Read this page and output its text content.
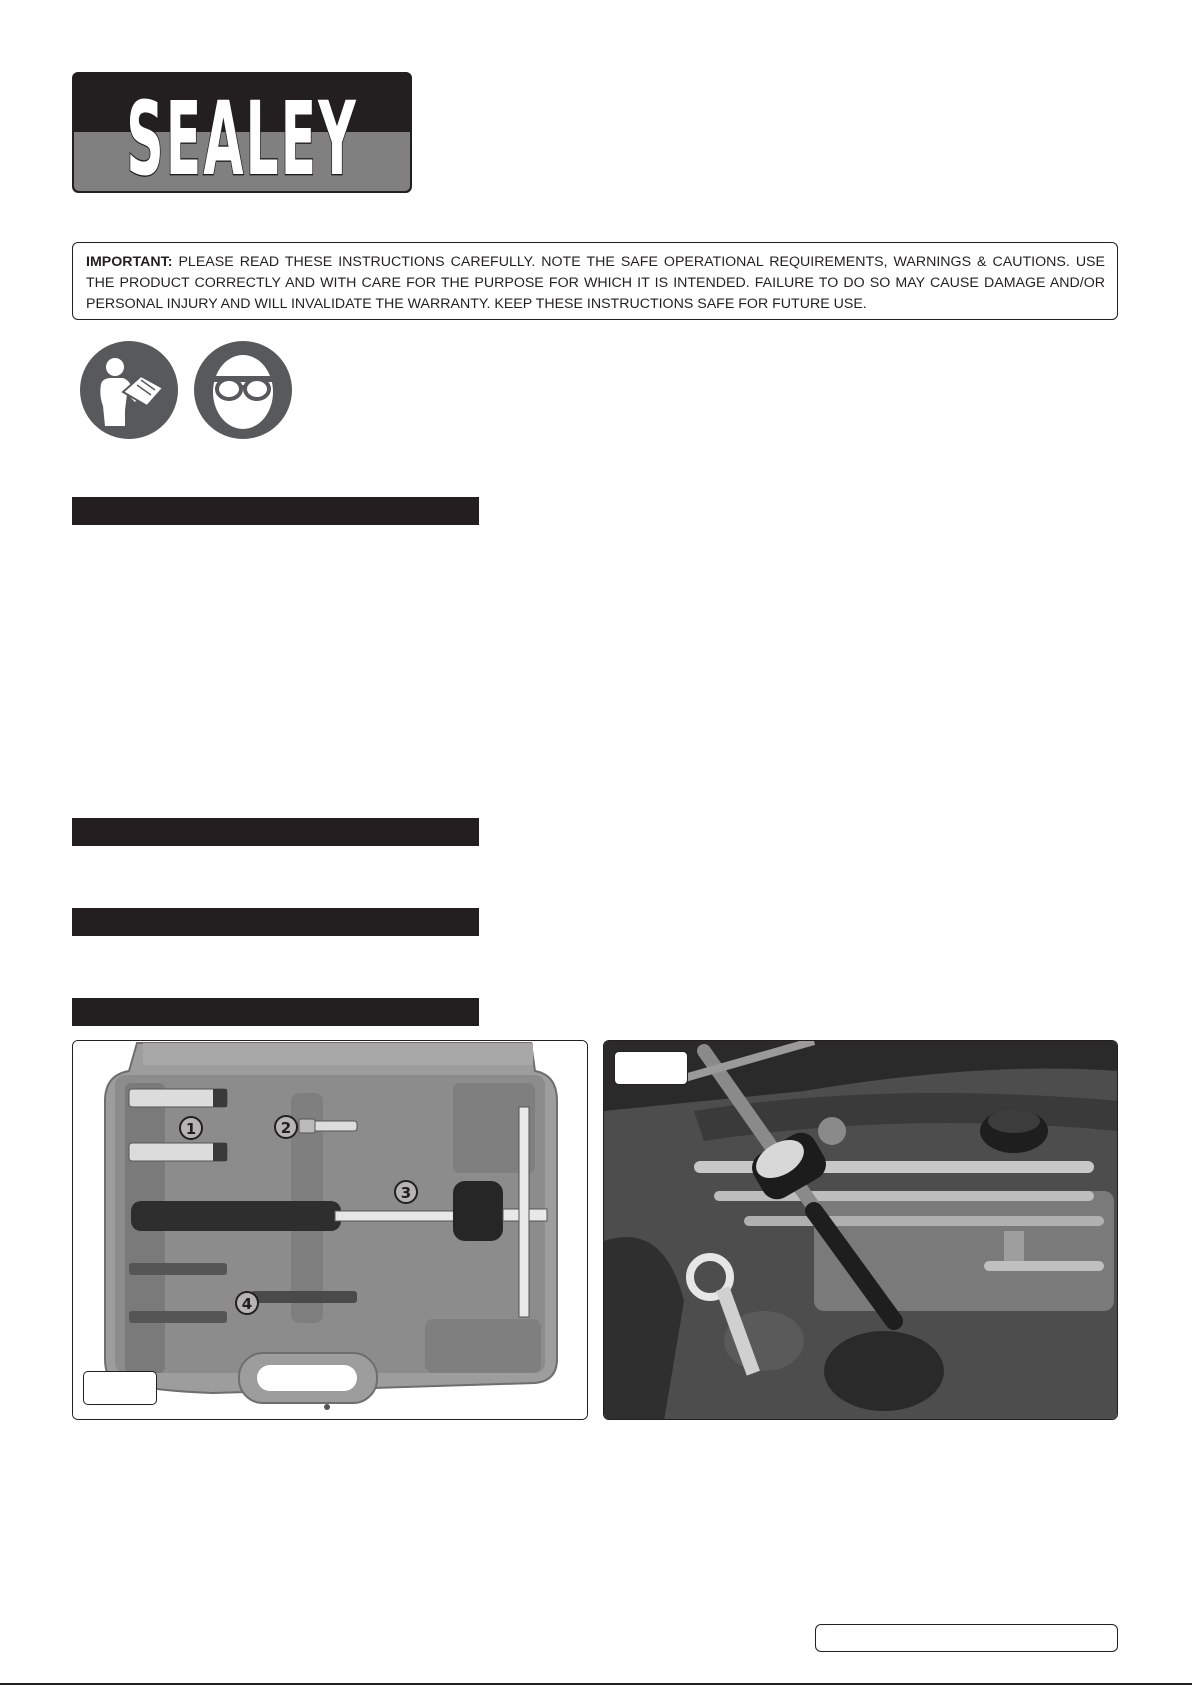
SEALEY
IMPORTANT: PLEASE READ THESE INSTRUCTIONS CAREFULLY. NOTE THE SAFE OPERATIONAL REQUIREMENTS, WARNINGS & CAUTIONS. USE THE PRODUCT CORRECTLY AND WITH CARE FOR THE PURPOSE FOR WHICH IT IS INTENDED. FAILURE TO DO SO MAY CAUSE DAMAGE AND/OR PERSONAL INJURY AND WILL INVALIDATE THE WARRANTY. KEEP THESE INSTRUCTIONS SAFE FOR FUTURE USE.
1	2
3
4
